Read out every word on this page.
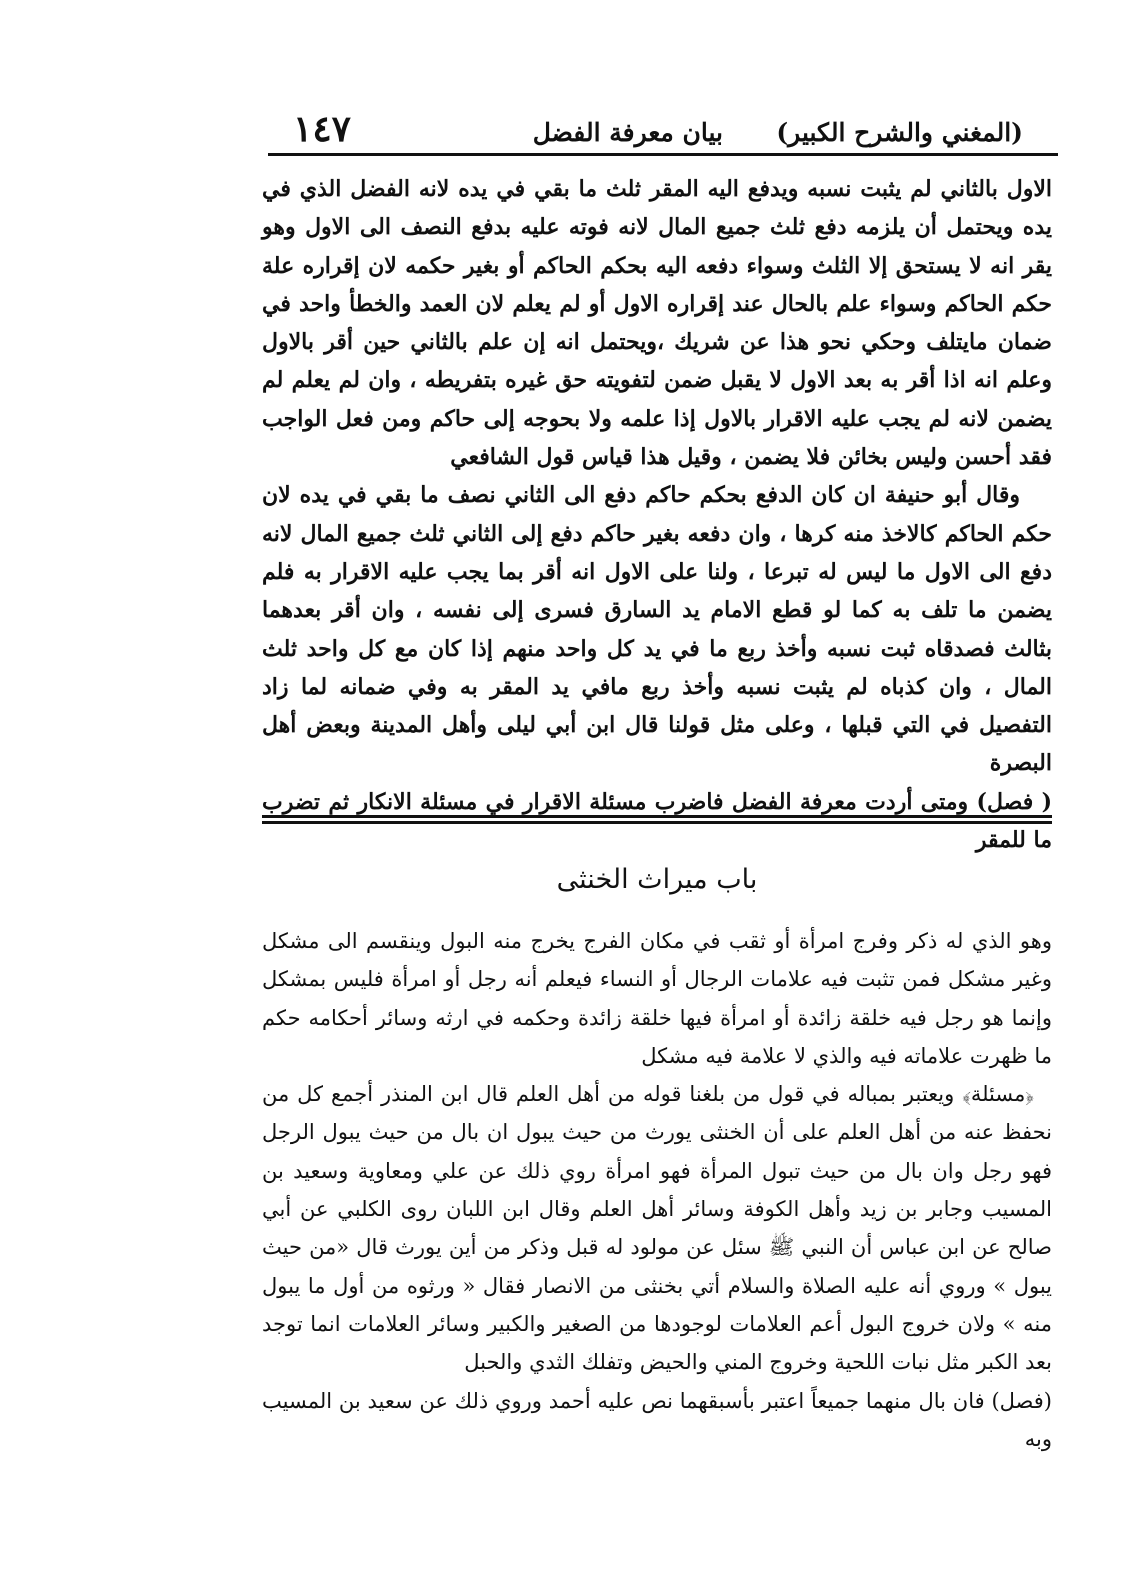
(المغني والشرح الكبير)
بيان معرفة الفضل
١٤٧

الاول بالثاني لم يثبت نسبه ويدفع اليه المقر ثلث ما بقي في يده لانه الفضل الذي في يده ويحتمل أن يلزمه دفع ثلث جميع المال لانه فوته عليه بدفع النصف الى الاول وهو يقر انه لا يستحق إلا الثلث وسواء دفعه اليه بحكم الحاكم أو بغير حكمه لان إقراره علة حكم الحاكم وسواء علم بالحال عند إقراره الاول أو لم يعلم لان العمد والخطأ واحد في ضمان مايتلف وحكي نحو هذا عن شريك ،ويحتمل انه إن علم بالثاني حين أقر بالاول وعلم انه اذا أقر به بعد الاول لا يقبل ضمن لتفويته حق غيره بتفريطه ، وان لم يعلم لم يضمن لانه لم يجب عليه الاقرار بالاول إذا علمه ولا بحوجه إلى حاكم ومن فعل الواجب فقد أحسن وليس بخائن فلا يضمن ، وقيل هذا قياس قول الشافعي

وقال أبو حنيفة ان كان الدفع بحكم حاكم دفع الى الثاني نصف ما بقي في يده لان حكم الحاكم كالاخذ منه كرها ، وان دفعه بغير حاكم دفع إلى الثاني ثلث جميع المال لانه دفع الى الاول ما ليس له تبرعا ، ولنا على الاول انه أقر بما يجب عليه الاقرار به فلم يضمن ما تلف به كما لو قطع الامام يد السارق فسرى إلى نفسه ، وان أقر بعدهما بثالث فصدقاه ثبت نسبه وأخذ ربع ما في يد كل واحد منهم إذا كان مع كل واحد ثلث المال ، وان كذباه لم يثبت نسبه وأخذ ربع مافي يد المقر به وفي ضمانه لما زاد التفصيل في التي قبلها ، وعلى مثل قولنا قال ابن أبي ليلى وأهل المدينة وبعض أهل البصرة

( فصل) ومتى أردت معرفة الفضل فاضرب مسئلة الاقرار في مسئلة الانكار ثم تضرب ما للمقر

باب ميراث الخنثى

وهو الذي له ذكر وفرج امرأة أو ثقب في مكان الفرج يخرج منه البول وينقسم الى مشكل وغير مشكل فمن تثبت فيه علامات الرجال أو النساء فيعلم أنه رجل أو امرأة فليس بمشكل وإنما هو رجل فيه خلقة زائدة أو امرأة فيها خلقة زائدة وحكمه في ارثه وسائر أحكامه حكم ما ظهرت علاماته فيه والذي لا علامة فيه مشكل

﴿مسئلة﴾ ويعتبر بمباله في قول من بلغنا قوله من أهل العلم قال ابن المنذر أجمع كل من نحفظ عنه من أهل العلم على أن الخنثى يورث من حيث يبول ان بال من حيث يبول الرجل فهو رجل وان بال من حيث تبول المرأة فهو امرأة روي ذلك عن علي ومعاوية وسعيد بن المسيب وجابر بن زيد وأهل الكوفة وسائر أهل العلم وقال ابن اللبان روى الكلبي عن أبي صالح عن ابن عباس أن النبي ﷺ سئل عن مولود له قبل وذكر من أين يورث قال «من حيث يبول » وروي أنه عليه الصلاة والسلام أتي بخنثى من الانصار فقال « ورثوه من أول ما يبول منه » ولان خروج البول أعم العلامات لوجودها من الصغير والكبير وسائر العلامات انما توجد بعد الكبر مثل نبات اللحية وخروج المني والحيض وتفلك الثدي والحبل

(فصل) فان بال منهما جميعاً اعتبر بأسبقهما نص عليه أحمد وروي ذلك عن سعيد بن المسيب وبه
